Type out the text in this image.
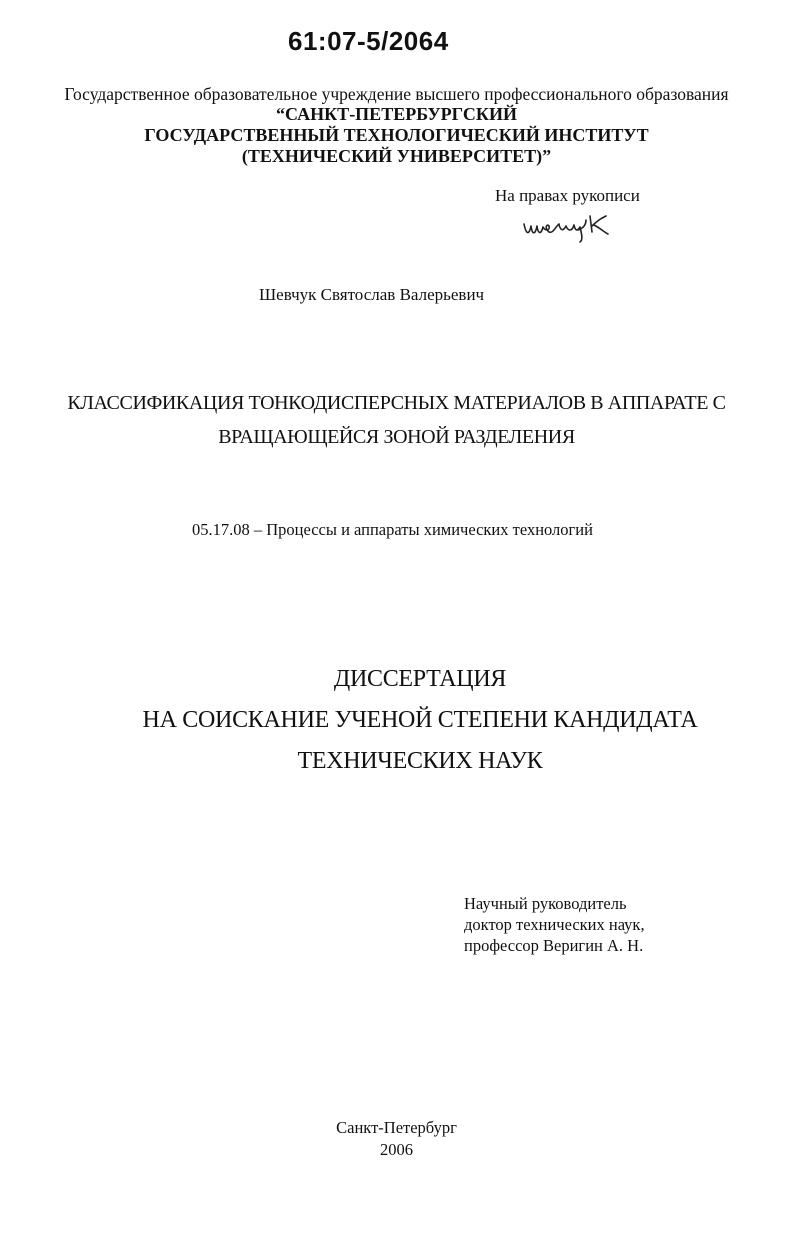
61:07-5/2064
Государственное образовательное учреждение высшего профессионального образования
“САНКТ-ПЕТЕРБУРГСКИЙ
ГОСУДАРСТВЕННЫЙ ТЕХНОЛОГИЧЕСКИЙ ИНСТИТУТ
(ТЕХНИЧЕСКИЙ УНИВЕРСИТЕТ)”
На правах рукописи
Шевчук Святослав Валерьевич
КЛАССИФИКАЦИЯ ТОНКОДИСПЕРСНЫХ МАТЕРИАЛОВ В АППАРАТЕ С
ВРАЩАЮЩЕЙСЯ ЗОНОЙ РАЗДЕЛЕНИЯ
05.17.08 – Процессы и аппараты химических технологий
ДИССЕРТАЦИЯ
НА СОИСКАНИЕ УЧЕНОЙ СТЕПЕНИ КАНДИДАТА
ТЕХНИЧЕСКИХ НАУК
Научный руководитель
доктор технических наук,
профессор Веригин А. Н.
Санкт-Петербург
2006
